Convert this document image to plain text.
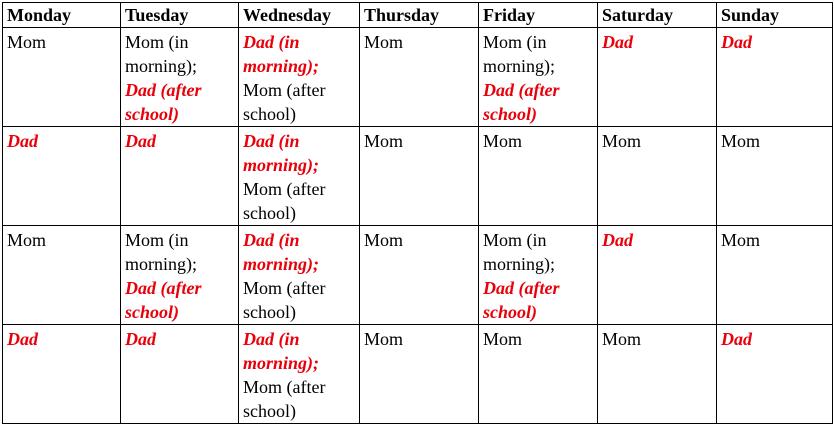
Monday	Tuesday	Wednesday	Thursday	Friday	Saturday	Sunday

Mom	Mom (in morning);
Dad (after school)	Dad (in morning);
Mom (after school)	Mom	Mom (in morning);
Dad (after school)	Dad	Dad

Dad	Dad	Dad (in morning);
Mom (after school)	Mom	Mom	Mom	Mom

Mom	Mom (in morning);
Dad (after school)	Dad (in morning);
Mom (after school)	Mom	Mom (in morning);
Dad (after school)	Dad	Mom

Dad	Dad	Dad (in morning);
Mom (after school)	Mom	Mom	Mom	Dad
